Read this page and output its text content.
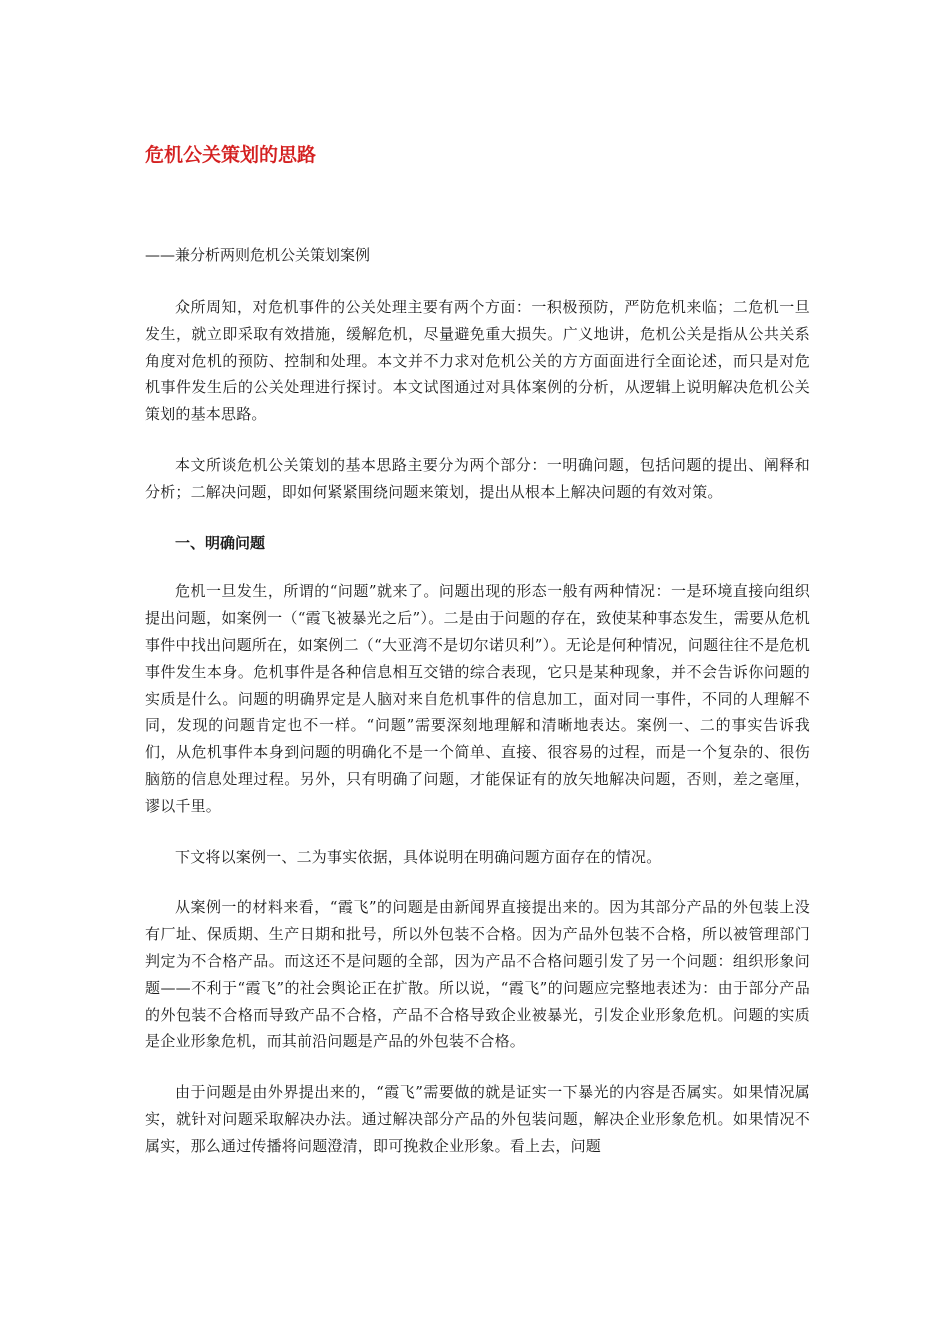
危机公关策划的思路

——兼分析两则危机公关策划案例

众所周知，对危机事件的公关处理主要有两个方面：一积极预防，严防危机来临；二危机一旦发生，就立即采取有效措施，缓解危机，尽量避免重大损失。广义地讲，危机公关是指从公共关系角度对危机的预防、控制和处理。本文并不力求对危机公关的方方面面进行全面论述，而只是对危机事件发生后的公关处理进行探讨。本文试图通过对具体案例的分析，从逻辑上说明解决危机公关策划的基本思路。

本文所谈危机公关策划的基本思路主要分为两个部分：一明确问题，包括问题的提出、阐释和分析；二解决问题，即如何紧紧围绕问题来策划，提出从根本上解决问题的有效对策。

一、明确问题

危机一旦发生，所谓的“问题”就来了。问题出现的形态一般有两种情况：一是环境直接向组织提出问题，如案例一（“霞飞被暴光之后”）。二是由于问题的存在，致使某种事态发生，需要从危机事件中找出问题所在，如案例二（“大亚湾不是切尔诺贝利”）。无论是何种情况，问题往往不是危机事件发生本身。危机事件是各种信息相互交错的综合表现，它只是某种现象，并不会告诉你问题的实质是什么。问题的明确界定是人脑对来自危机事件的信息加工，面对同一事件，不同的人理解不同，发现的问题肯定也不一样。“问题”需要深刻地理解和清晰地表达。案例一、二的事实告诉我们，从危机事件本身到问题的明确化不是一个简单、直接、很容易的过程，而是一个复杂的、很伤脑筋的信息处理过程。另外，只有明确了问题，才能保证有的放矢地解决问题，否则，差之毫厘，谬以千里。

下文将以案例一、二为事实依据，具体说明在明确问题方面存在的情况。

从案例一的材料来看，“霞飞”的问题是由新闻界直接提出来的。因为其部分产品的外包装上没有厂址、保质期、生产日期和批号，所以外包装不合格。因为产品外包装不合格，所以被管理部门判定为不合格产品。而这还不是问题的全部，因为产品不合格问题引发了另一个问题：组织形象问题——不利于“霞飞”的社会舆论正在扩散。所以说，“霞飞”的问题应完整地表述为：由于部分产品的外包装不合格而导致产品不合格，产品不合格导致企业被暴光，引发企业形象危机。问题的实质是企业形象危机，而其前沿问题是产品的外包装不合格。

由于问题是由外界提出来的，“霞飞”需要做的就是证实一下暴光的内容是否属实。如果情况属实，就针对问题采取解决办法。通过解决部分产品的外包装问题，解决企业形象危机。如果情况不属实，那么通过传播将问题澄清，即可挽救企业形象。看上去，问题
